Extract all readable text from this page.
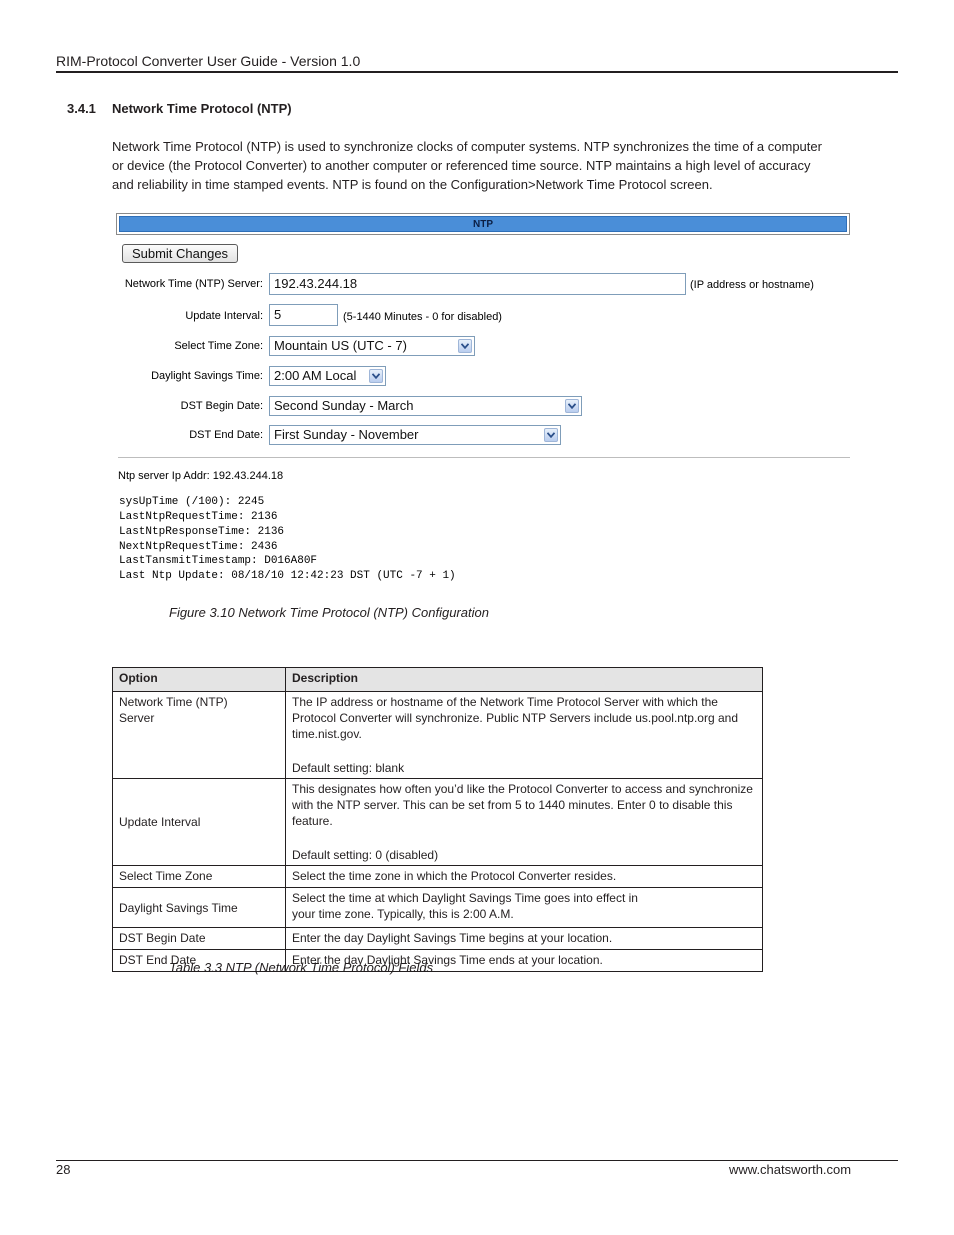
RIM-Protocol Converter User Guide - Version 1.0
3.4.1 Network Time Protocol (NTP)
Network Time Protocol (NTP) is used to synchronize clocks of computer systems. NTP synchronizes the time of a computer or device (the Protocol Converter) to another computer or referenced time source. NTP maintains a high level of accuracy and reliability in time stamped events. NTP is found on the Configuration>Network Time Protocol screen.
NTP
Submit Changes
Network Time (NTP) Server: 192.43.244.18	(IP address or hostname)
Update Interval: 5	(5-1440 Minutes - 0 for disabled)
Select Time Zone: Mountain US (UTC - 7)
Daylight Savings Time: 2:00 AM Local
DST Begin Date: Second Sunday - March
DST End Date: First Sunday - November
Ntp server Ip Addr: 192.43.244.18
sysUpTime (/100): 2245
LastNtpRequestTime: 2136
LastNtpResponseTime: 2136
NextNtpRequestTime: 2436
LastTansmitTimestamp: D016A80F
Last Ntp Update: 08/18/10 12:42:23 DST (UTC -7 + 1)
Figure 3.10 Network Time Protocol (NTP) Configuration
Option	Description

Network Time (NTP) Server	The IP address or hostname of the Network Time Protocol Server with which the Protocol Converter will synchronize. Public NTP Servers include us.pool.ntp.org and time.nist.gov.
Default setting: blank

Update Interval	This designates how often you’d like the Protocol Converter to access and synchronize with the NTP server. This can be set from 5 to 1440 minutes. Enter 0 to disable this feature.
Default setting: 0 (disabled)

Select Time Zone	Select the time zone in which the Protocol Converter resides.
Daylight Savings Time	Select the time at which Daylight Savings Time goes into effect in
your time zone. Typically, this is 2:00 A.M.

DST Begin Date	Enter the day Daylight Savings Time begins at your location.
DST End Date	Enter the day Daylight Savings Time ends at your location.
Table 3.3 NTP (Network Time Protocol) Fields
28	www.chatsworth.com
